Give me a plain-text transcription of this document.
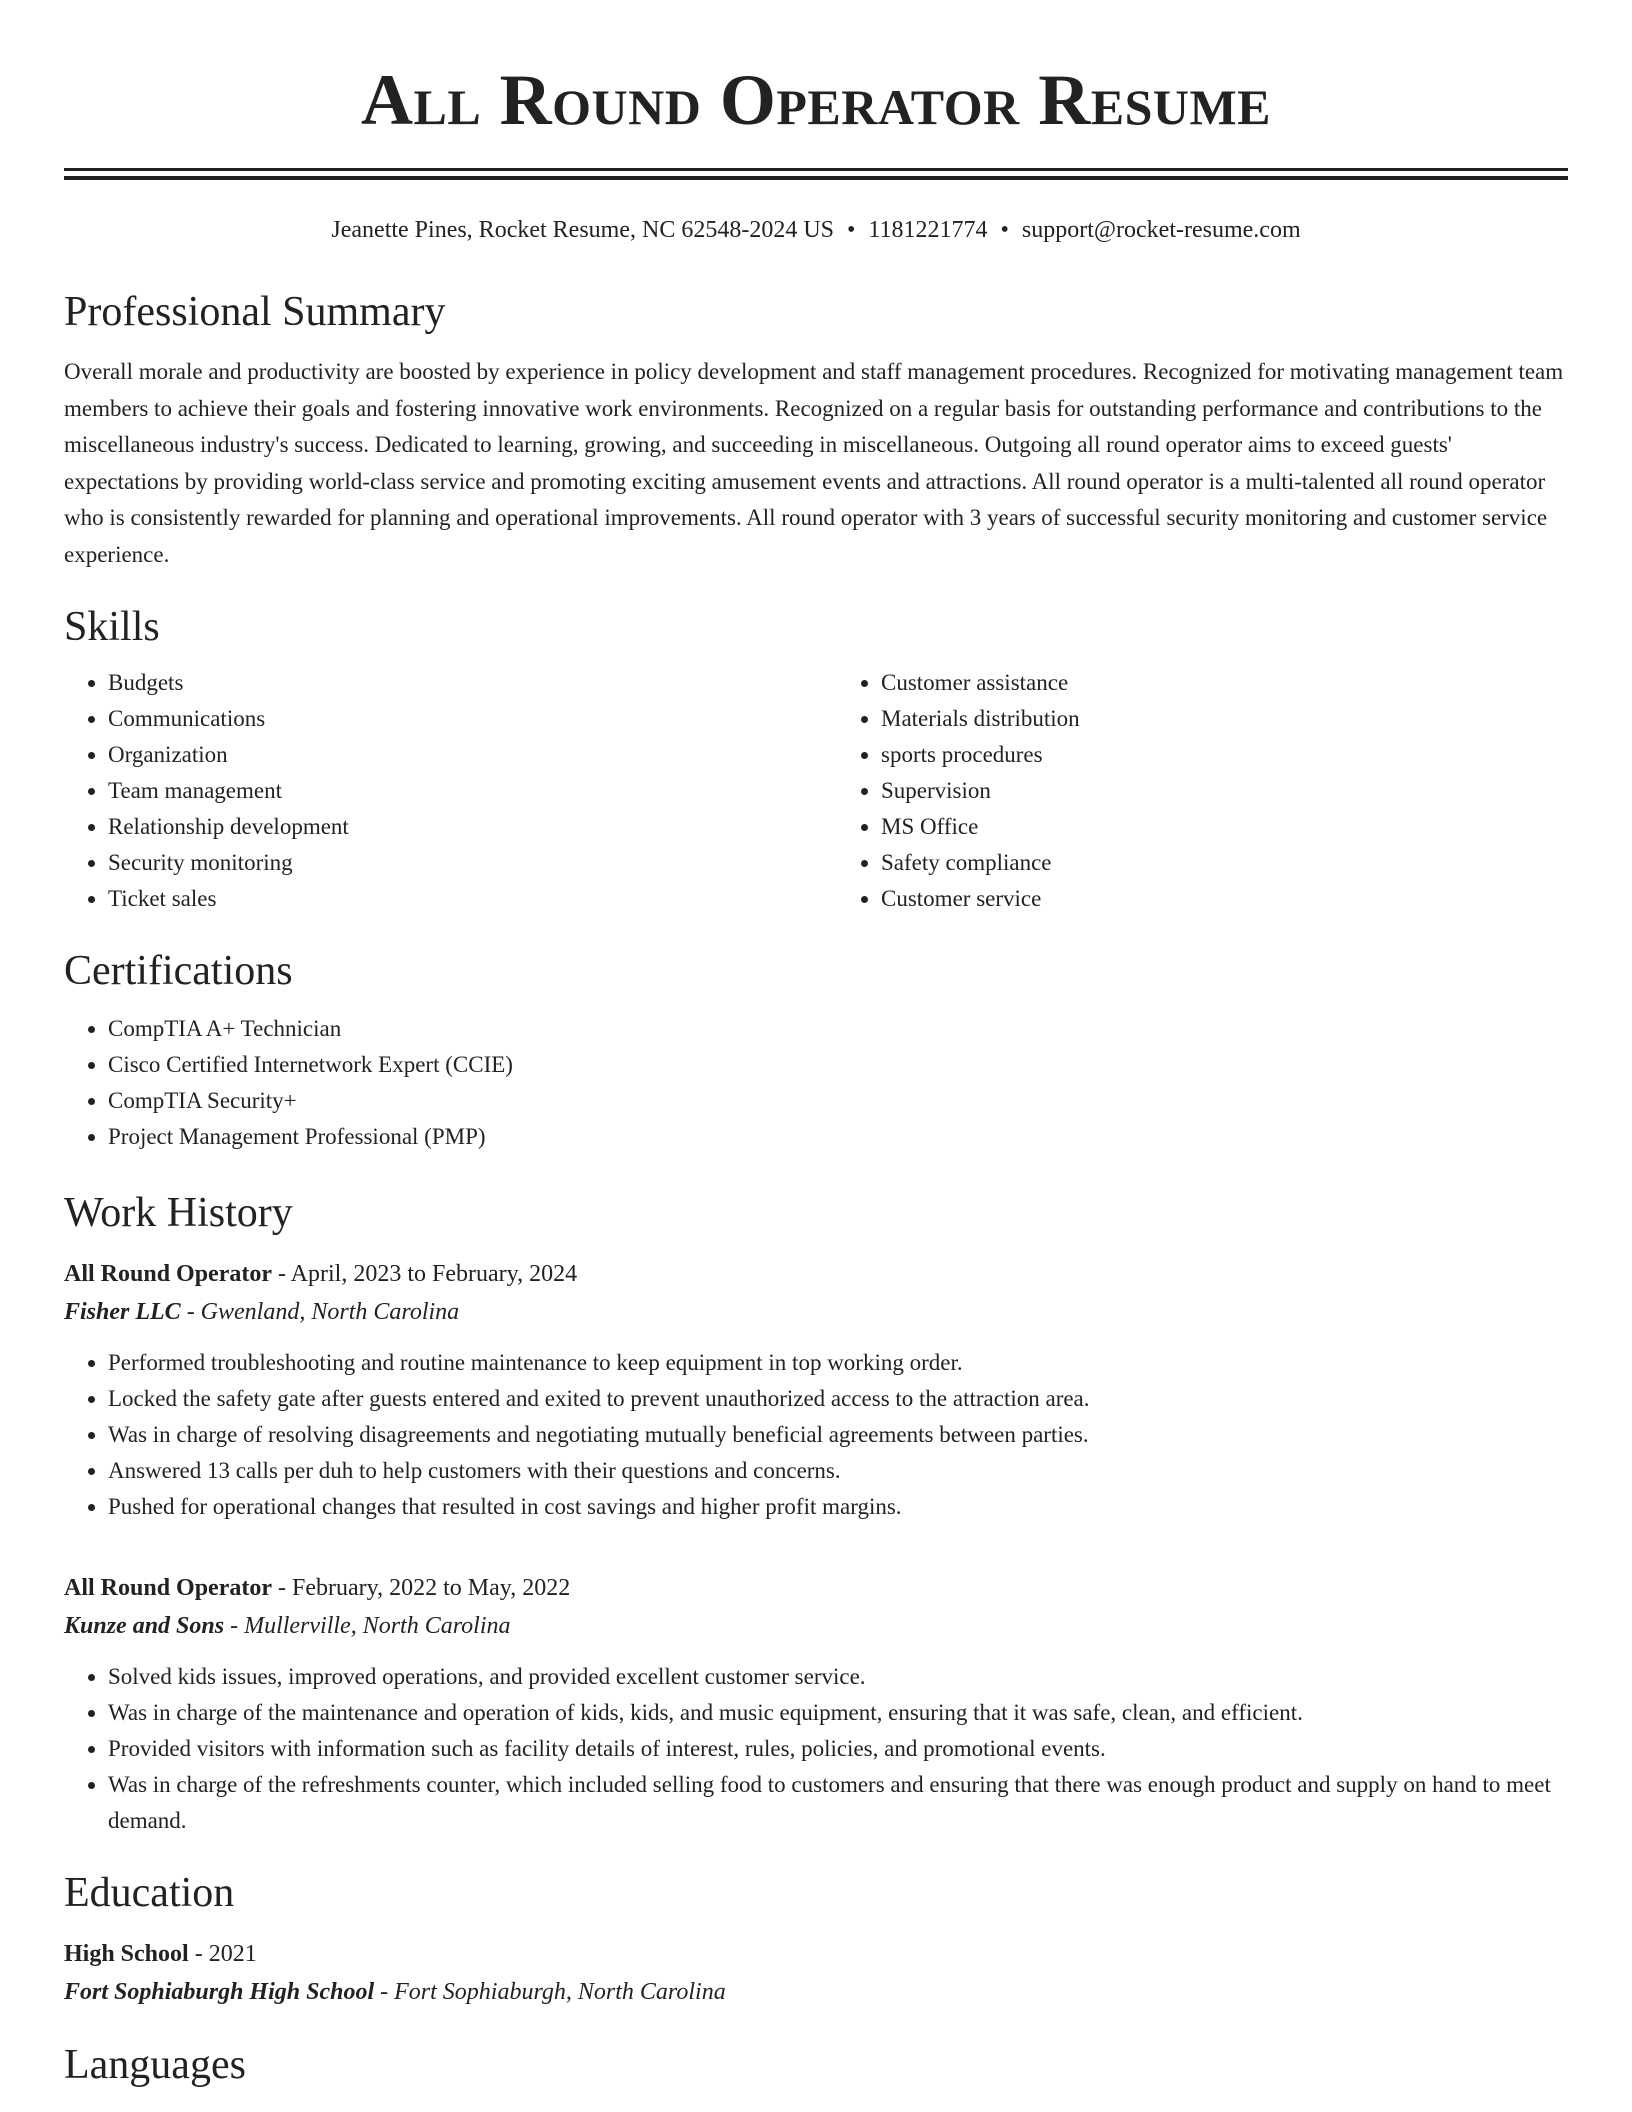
All Round Operator Resume
Jeanette Pines, Rocket Resume, NC 62548-2024 US • 1181221774 • support@rocket-resume.com
Professional Summary

Overall morale and productivity are boosted by experience in policy development and staff management procedures. Recognized for motivating management team members to achieve their goals and fostering innovative work environments. Recognized on a regular basis for outstanding performance and contributions to the miscellaneous industry's success. Dedicated to learning, growing, and succeeding in miscellaneous. Outgoing all round operator aims to exceed guests' expectations by providing world-class service and promoting exciting amusement events and attractions. All round operator is a multi-talented all round operator who is consistently rewarded for planning and operational improvements. All round operator with 3 years of successful security monitoring and customer service experience.

Skills
• Budgets
• Communications
• Organization
• Team management
• Relationship development
• Security monitoring
• Ticket sales
• Customer assistance
• Materials distribution
• sports procedures
• Supervision
• MS Office
• Safety compliance
• Customer service
Certifications
• CompTIA A+ Technician
• Cisco Certified Internetwork Expert (CCIE)
• CompTIA Security+
• Project Management Professional (PMP)
Work History
All Round Operator - April, 2023 to February, 2024
Fisher LLC - Gwenland, North Carolina
• Performed troubleshooting and routine maintenance to keep equipment in top working order.
• Locked the safety gate after guests entered and exited to prevent unauthorized access to the attraction area.
• Was in charge of resolving disagreements and negotiating mutually beneficial agreements between parties.
• Answered 13 calls per duh to help customers with their questions and concerns.
• Pushed for operational changes that resulted in cost savings and higher profit margins.
All Round Operator - February, 2022 to May, 2022
Kunze and Sons - Mullerville, North Carolina
• Solved kids issues, improved operations, and provided excellent customer service.
• Was in charge of the maintenance and operation of kids, kids, and music equipment, ensuring that it was safe, clean, and efficient.
• Provided visitors with information such as facility details of interest, rules, policies, and promotional events.
• Was in charge of the refreshments counter, which included selling food to customers and ensuring that there was enough product and supply on hand to meet demand.
Education
High School - 2021
Fort Sophiaburgh High School - Fort Sophiaburgh, North Carolina
Languages
